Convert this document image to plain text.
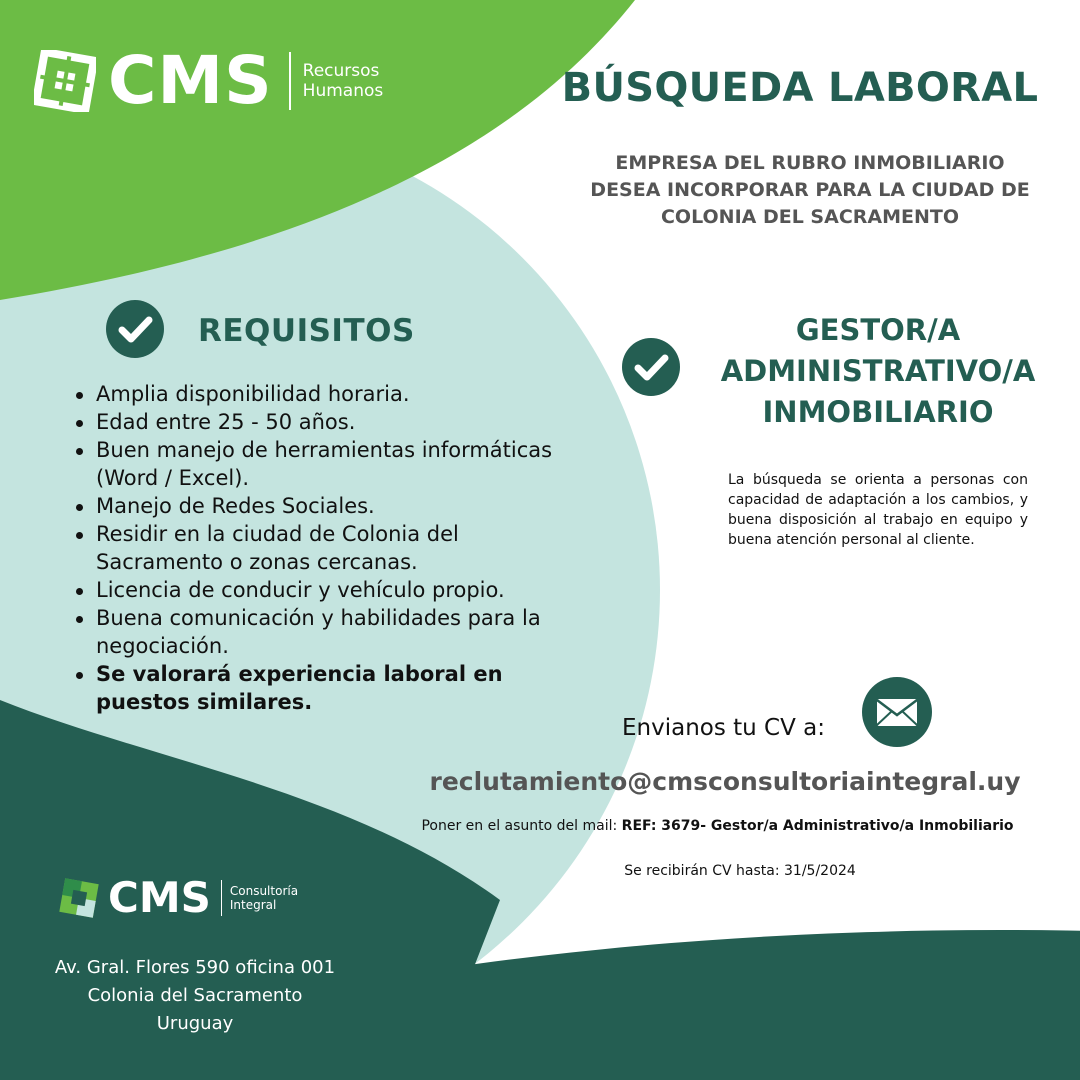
CMS Recursos
Humanos	BÚSQUEDA LABORAL

EMPRESA DEL RUBRO INMOBILIARIO DESEA INCORPORAR PARA LA CIUDAD DE COLONIA DEL SACRAMENTO

REQUISITOS
Amplia disponibilidad horaria.
Edad entre 25 - 50 años.
Buen manejo de herramientas informáticas (Word / Excel).
Manejo de Redes Sociales.
Residir en la ciudad de Colonia del Sacramento o zonas cercanas.
Licencia de conducir y vehículo propio.
Buena comunicación y habilidades para la negociación.
Se valorará experiencia laboral en puestos similares.
GESTOR/A ADMINISTRATIVO/A INMOBILIARIO

La búsqueda se orienta a personas con capacidad de adaptación a los cambios, y buena disposición al trabajo en equipo y buena atención personal al cliente.

Envianos tu CV a:
reclutamiento@cmsconsultoriaintegral.uy
Poner en el asunto del mail: REF: 3679- Gestor/a Administrativo/a Inmobiliario
Se recibirán CV hasta: 31/5/2024
CMS Consultoría
Integral
Av. Gral. Flores 590 oficina 001
Colonia del Sacramento
Uruguay
